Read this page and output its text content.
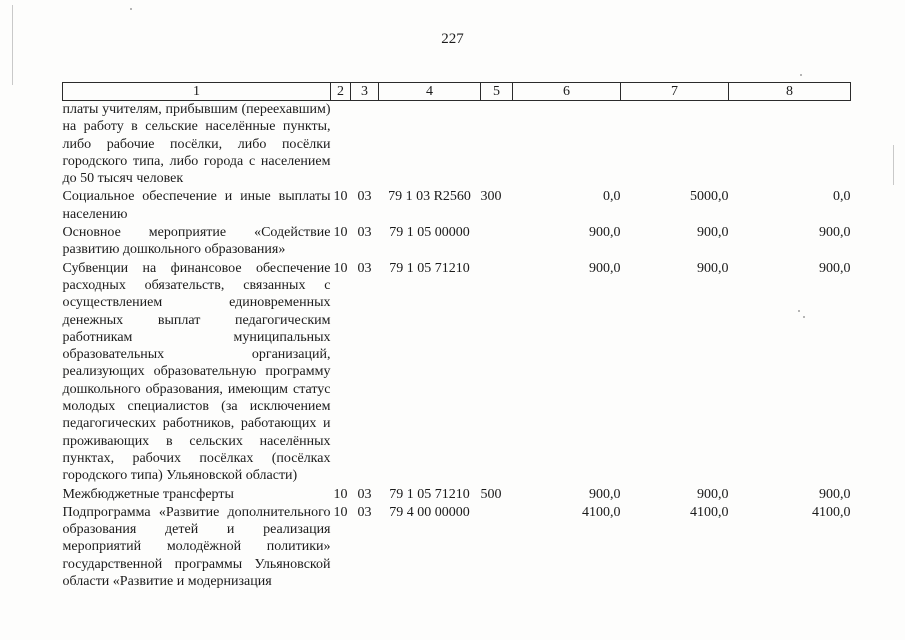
227
1	2	3	4	5	6	7	8
платы учителям, прибывшим (переехавшим) на работу в сельские населённые пункты, либо рабочие посёлки, либо посёлки городского типа, либо города с населением до 50 тысяч человек							
Социальное обеспечение и иные выплаты населению	10	03	79 1 03 R2560	300	0,0	5000,0	0,0
Основное мероприятие «Содействие развитию дошкольного образования»	10	03	79 1 05 00000		900,0	900,0	900,0
Субвенции на финансовое обеспечение расходных обязательств, связанных с осуществлением единовременных денежных выплат педагогическим работникам муниципальных образовательных организаций, реализующих образовательную программу дошкольного образования, имеющим статус молодых специалистов (за исключением педагогических работников, работающих и проживающих в сельских населённых пунктах, рабочих посёлках (посёлках городского типа) Ульяновской области)	10	03	79 1 05 71210		900,0	900,0	900,0
Межбюджетные трансферты	10	03	79 1 05 71210	500	900,0	900,0	900,0
Подпрограмма «Развитие дополнительного образования детей и реализация мероприятий молодёжной политики» государственной программы Ульяновской области «Развитие и модернизация	10	03	79 4 00 00000		4100,0	4100,0	4100,0
